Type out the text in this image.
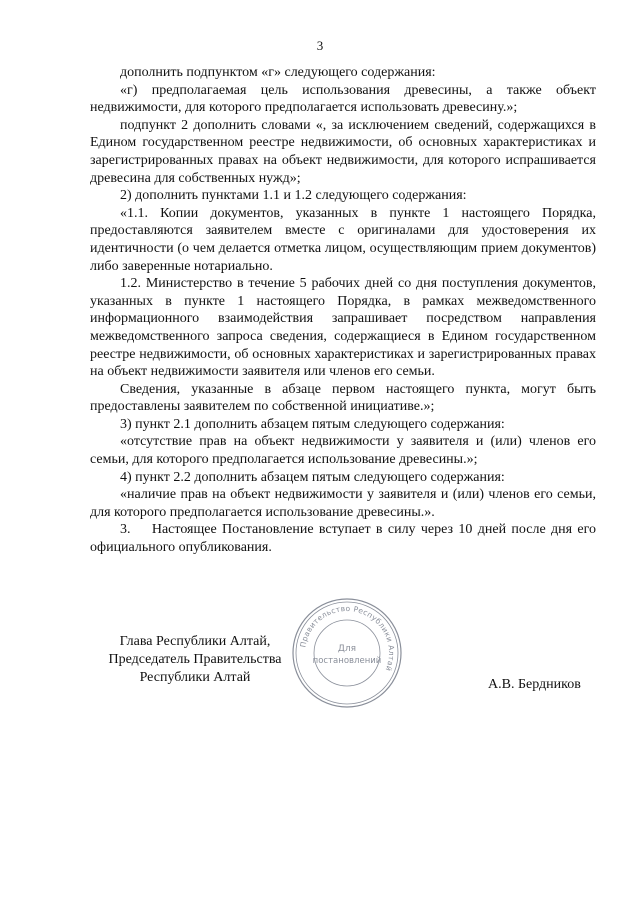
3

дополнить подпунктом «г» следующего содержания:

«г) предполагаемая цель использования древесины, а также объект недвижимости, для которого предполагается использовать древесину.»;

подпункт 2 дополнить словами «, за исключением сведений, содержащихся в Едином государственном реестре недвижимости, об основных характеристиках и зарегистрированных правах на объект недвижимости, для которого испрашивается древесина для собственных нужд»;

2) дополнить пунктами 1.1 и 1.2 следующего содержания:

«1.1. Копии документов, указанных в пункте 1 настоящего Порядка, предоставляются заявителем вместе с оригиналами для удостоверения их идентичности (о чем делается отметка лицом, осуществляющим прием документов) либо заверенные нотариально.

1.2. Министерство в течение 5 рабочих дней со дня поступления документов, указанных в пункте 1 настоящего Порядка, в рамках межведомственного информационного взаимодействия запрашивает посредством направления межведомственного запроса сведения, содержащиеся в Едином государственном реестре недвижимости, об основных характеристиках и зарегистрированных правах на объект недвижимости заявителя или членов его семьи.

Сведения, указанные в абзаце первом настоящего пункта, могут быть предоставлены заявителем по собственной инициативе.»;

3) пункт 2.1 дополнить абзацем пятым следующего содержания:

«отсутствие прав на объект недвижимости у заявителя и (или) членов его семьи, для которого предполагается использование древесины.»;

4) пункт 2.2 дополнить абзацем пятым следующего содержания:

«наличие прав на объект недвижимости у заявителя и (или) членов его семьи, для которого предполагается использование древесины.».

3.    Настоящее Постановление вступает в силу через 10 дней после дня его официального опубликования.

Глава Республики Алтай,
Председатель Правительства
Республики Алтай	А.В. Бердников
Правительство Республики Алтай
Для
постановлений
